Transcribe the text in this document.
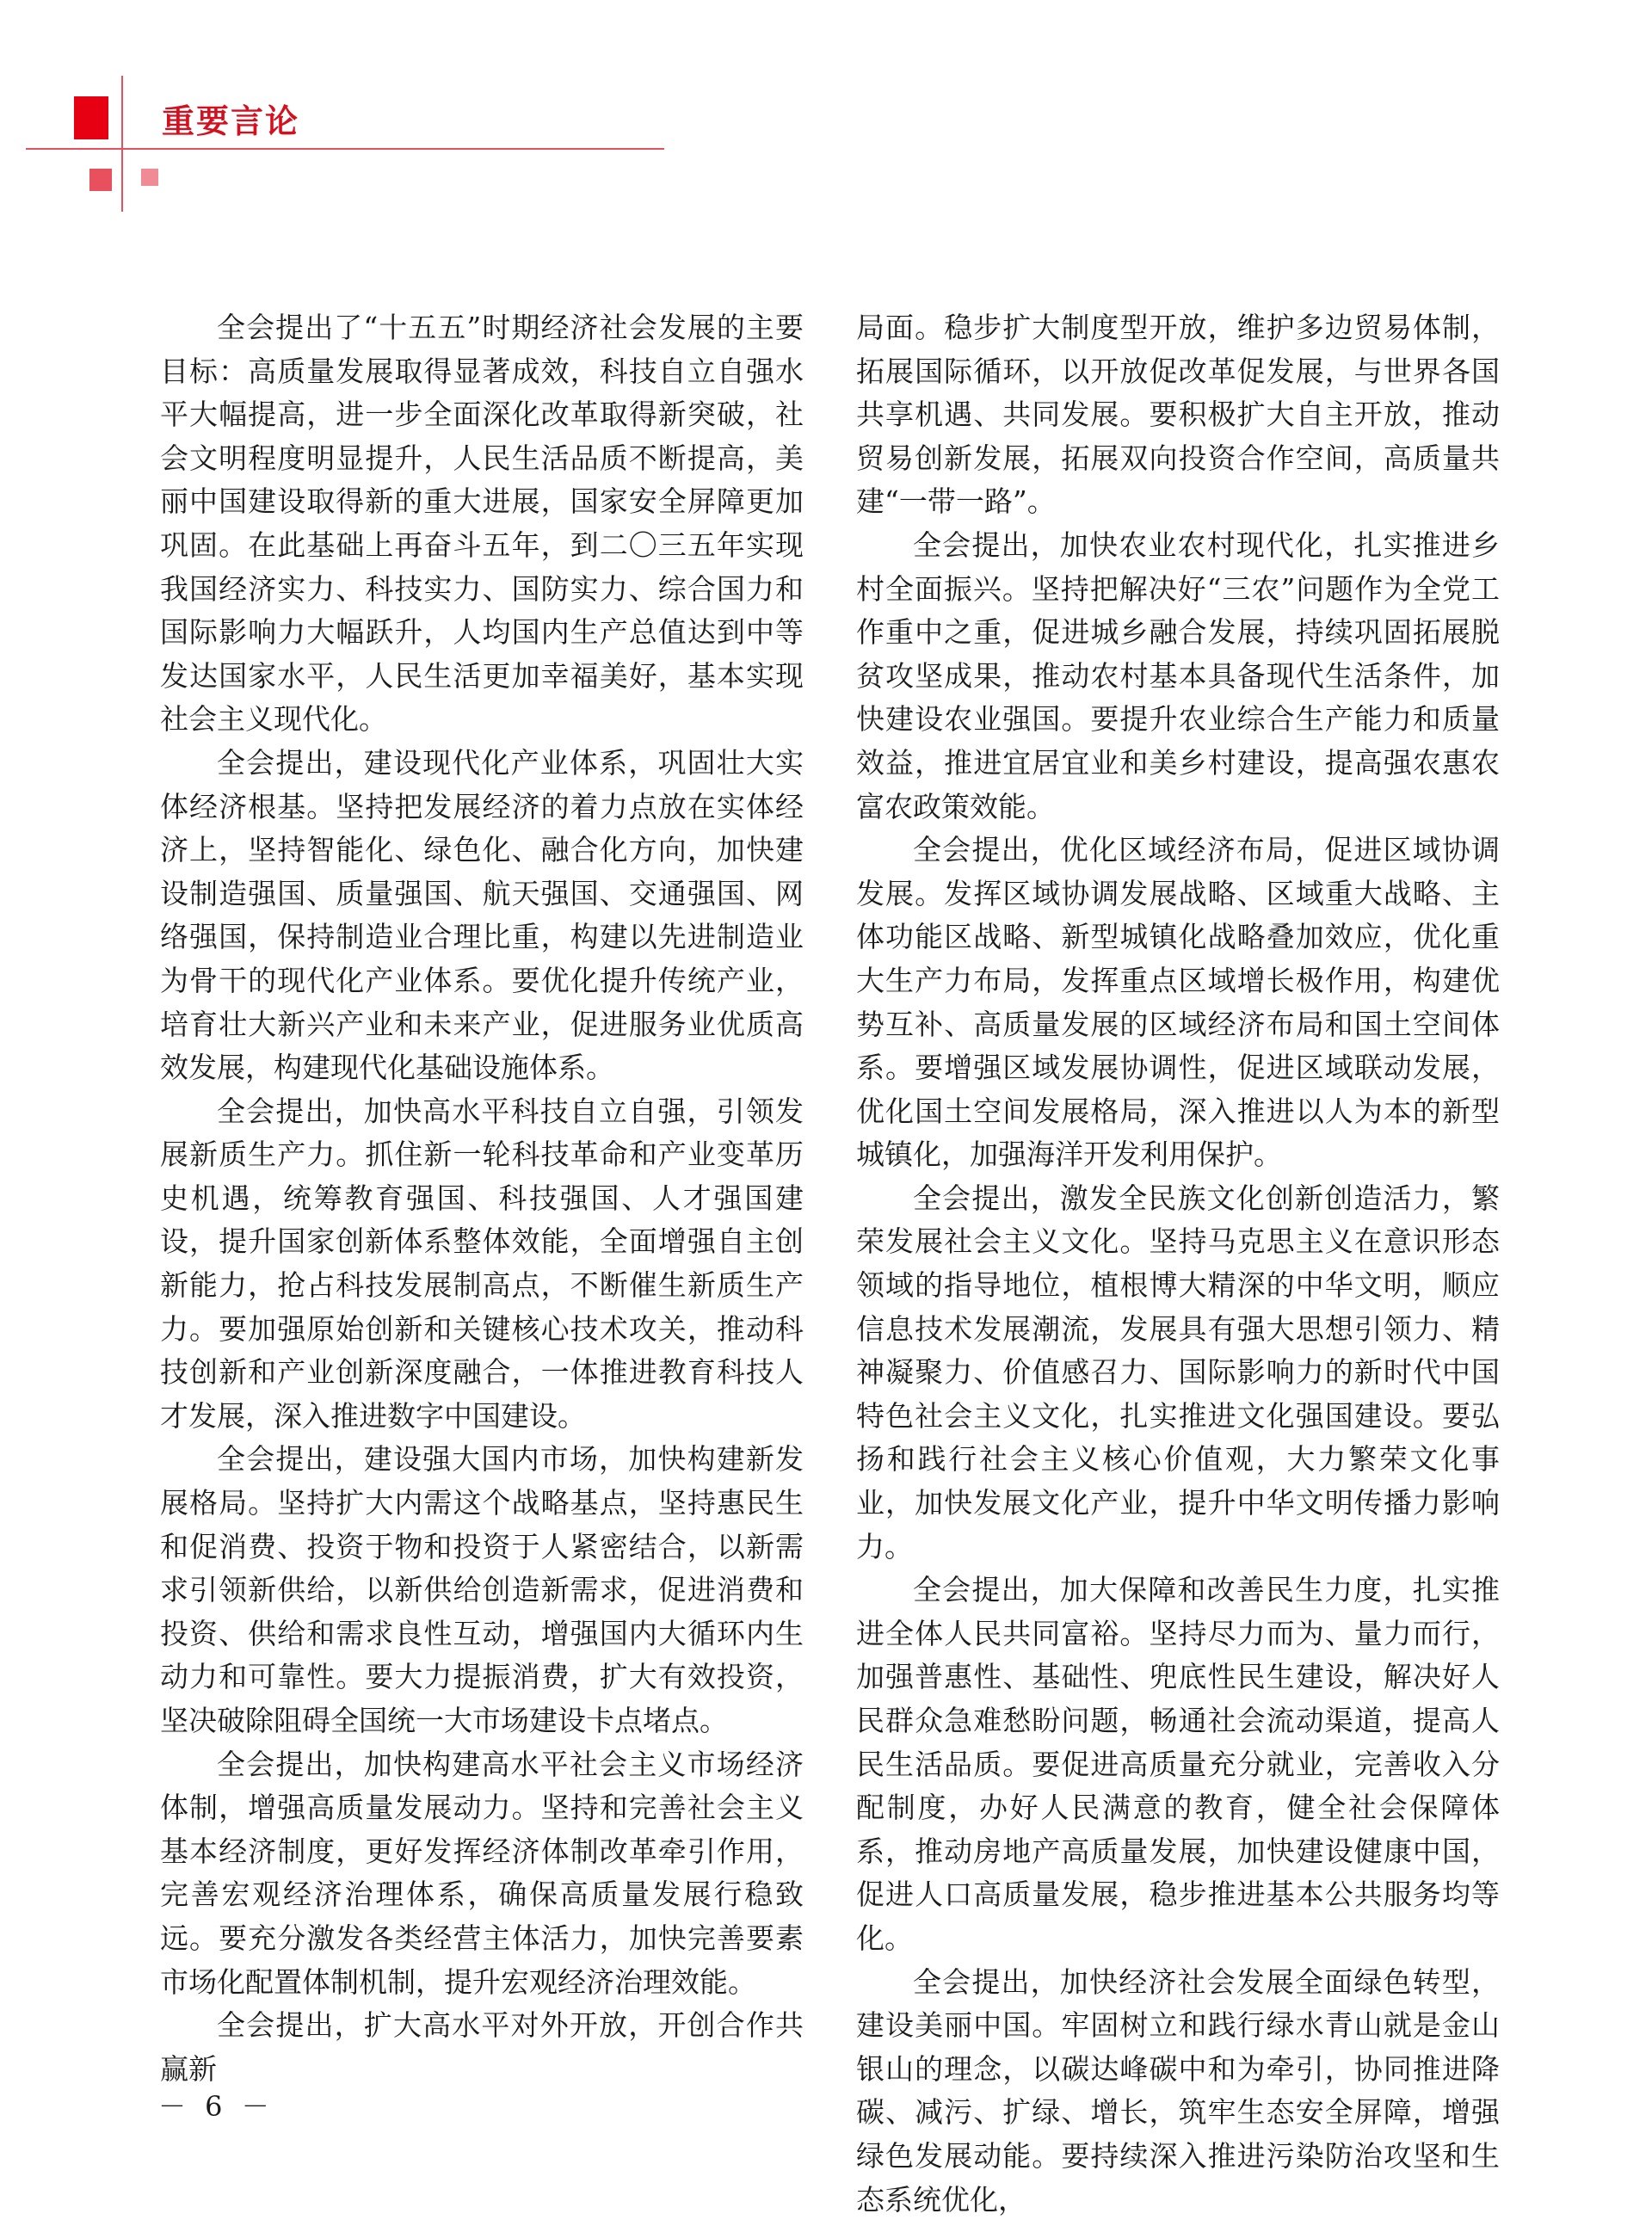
重要言论

全会提出了“十五五”时期经济社会发展的主要目标：高质量发展取得显著成效，科技自立自强水平大幅提高，进一步全面深化改革取得新突破，社会文明程度明显提升，人民生活品质不断提高，美丽中国建设取得新的重大进展，国家安全屏障更加巩固。在此基础上再奋斗五年，到二〇三五年实现我国经济实力、科技实力、国防实力、综合国力和国际影响力大幅跃升，人均国内生产总值达到中等发达国家水平，人民生活更加幸福美好，基本实现社会主义现代化。

全会提出，建设现代化产业体系，巩固壮大实体经济根基。坚持把发展经济的着力点放在实体经济上，坚持智能化、绿色化、融合化方向，加快建设制造强国、质量强国、航天强国、交通强国、网络强国，保持制造业合理比重，构建以先进制造业为骨干的现代化产业体系。要优化提升传统产业，培育壮大新兴产业和未来产业，促进服务业优质高效发展，构建现代化基础设施体系。

全会提出，加快高水平科技自立自强，引领发展新质生产力。抓住新一轮科技革命和产业变革历史机遇，统筹教育强国、科技强国、人才强国建设，提升国家创新体系整体效能，全面增强自主创新能力，抢占科技发展制高点，不断催生新质生产力。要加强原始创新和关键核心技术攻关，推动科技创新和产业创新深度融合，一体推进教育科技人才发展，深入推进数字中国建设。

全会提出，建设强大国内市场，加快构建新发展格局。坚持扩大内需这个战略基点，坚持惠民生和促消费、投资于物和投资于人紧密结合，以新需求引领新供给，以新供给创造新需求，促进消费和投资、供给和需求良性互动，增强国内大循环内生动力和可靠性。要大力提振消费，扩大有效投资，坚决破除阻碍全国统一大市场建设卡点堵点。

全会提出，加快构建高水平社会主义市场经济体制，增强高质量发展动力。坚持和完善社会主义基本经济制度，更好发挥经济体制改革牵引作用，完善宏观经济治理体系，确保高质量发展行稳致远。要充分激发各类经营主体活力，加快完善要素市场化配置体制机制，提升宏观经济治理效能。

全会提出，扩大高水平对外开放，开创合作共赢新

局面。稳步扩大制度型开放，维护多边贸易体制，拓展国际循环，以开放促改革促发展，与世界各国共享机遇、共同发展。要积极扩大自主开放，推动贸易创新发展，拓展双向投资合作空间，高质量共建“一带一路”。

全会提出，加快农业农村现代化，扎实推进乡村全面振兴。坚持把解决好“三农”问题作为全党工作重中之重，促进城乡融合发展，持续巩固拓展脱贫攻坚成果，推动农村基本具备现代生活条件，加快建设农业强国。要提升农业综合生产能力和质量效益，推进宜居宜业和美乡村建设，提高强农惠农富农政策效能。

全会提出，优化区域经济布局，促进区域协调发展。发挥区域协调发展战略、区域重大战略、主体功能区战略、新型城镇化战略叠加效应，优化重大生产力布局，发挥重点区域增长极作用，构建优势互补、高质量发展的区域经济布局和国土空间体系。要增强区域发展协调性，促进区域联动发展，优化国土空间发展格局，深入推进以人为本的新型城镇化，加强海洋开发利用保护。

全会提出，激发全民族文化创新创造活力，繁荣发展社会主义文化。坚持马克思主义在意识形态领域的指导地位，植根博大精深的中华文明，顺应信息技术发展潮流，发展具有强大思想引领力、精神凝聚力、价值感召力、国际影响力的新时代中国特色社会主义文化，扎实推进文化强国建设。要弘扬和践行社会主义核心价值观，大力繁荣文化事业，加快发展文化产业，提升中华文明传播力影响力。

全会提出，加大保障和改善民生力度，扎实推进全体人民共同富裕。坚持尽力而为、量力而行，加强普惠性、基础性、兜底性民生建设，解决好人民群众急难愁盼问题，畅通社会流动渠道，提高人民生活品质。要促进高质量充分就业，完善收入分配制度，办好人民满意的教育，健全社会保障体系，推动房地产高质量发展，加快建设健康中国，促进人口高质量发展，稳步推进基本公共服务均等化。

全会提出，加快经济社会发展全面绿色转型，建设美丽中国。牢固树立和践行绿水青山就是金山银山的理念，以碳达峰碳中和为牵引，协同推进降碳、减污、扩绿、增长，筑牢生态安全屏障，增强绿色发展动能。要持续深入推进污染防治攻坚和生态系统优化，

－ 6 －
